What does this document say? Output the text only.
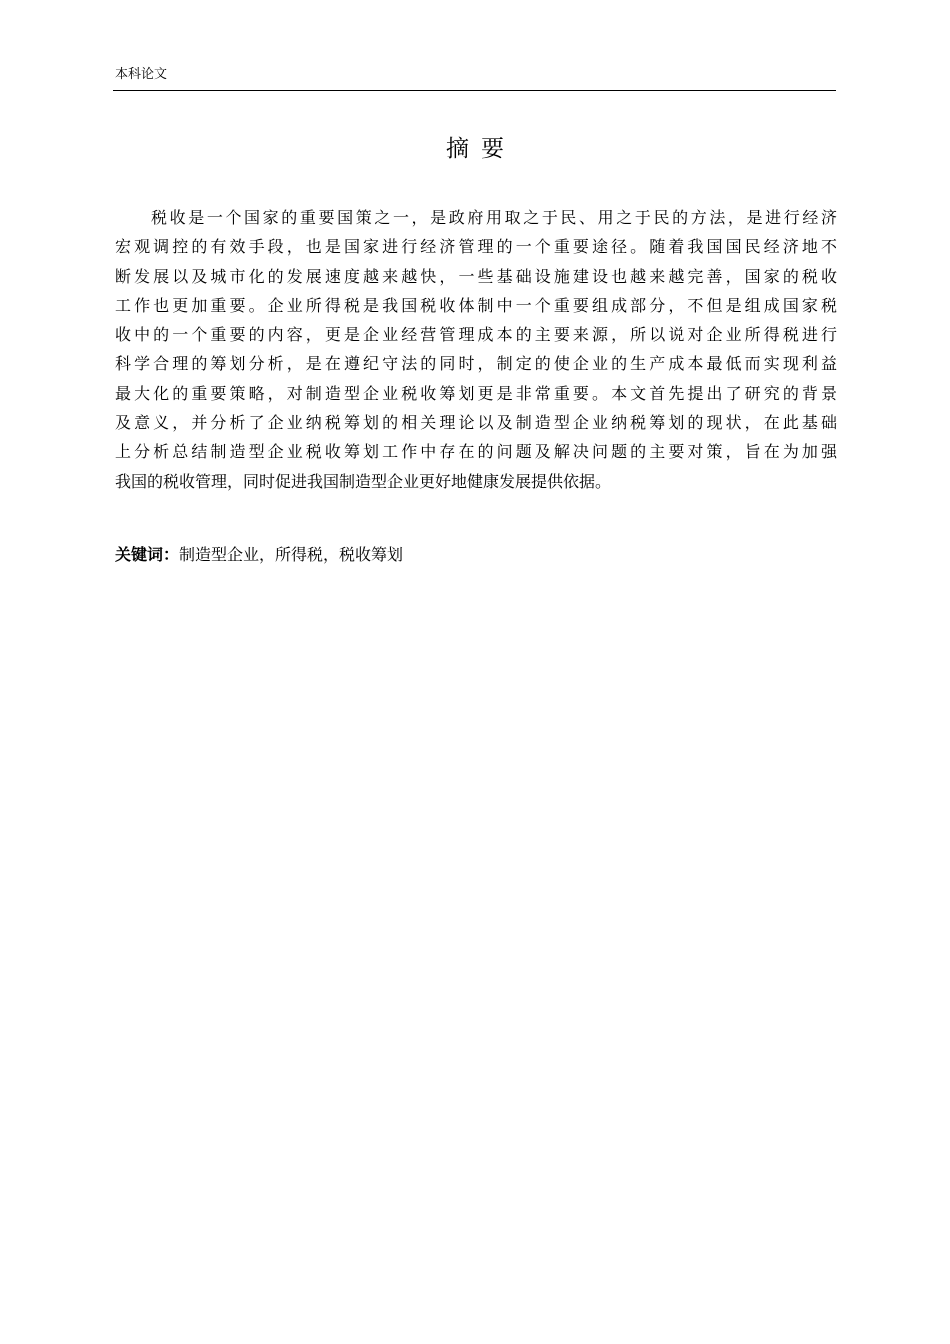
本科论文
摘要
税收是一个国家的重要国策之一，是政府用取之于民、用之于民的方法，是进行经济
宏观调控的有效手段，也是国家进行经济管理的一个重要途径。随着我国国民经济地不
断发展以及城市化的发展速度越来越快，一些基础设施建设也越来越完善，国家的税收
工作也更加重要。企业所得税是我国税收体制中一个重要组成部分，不但是组成国家税
收中的一个重要的内容，更是企业经营管理成本的主要来源，所以说对企业所得税进行
科学合理的筹划分析，是在遵纪守法的同时，制定的使企业的生产成本最低而实现利益
最大化的重要策略，对制造型企业税收筹划更是非常重要。本文首先提出了研究的背景
及意义，并分析了企业纳税筹划的相关理论以及制造型企业纳税筹划的现状，在此基础
上分析总结制造型企业税收筹划工作中存在的问题及解决问题的主要对策，旨在为加强
我国的税收管理，同时促进我国制造型企业更好地健康发展提供依据。
关键词：制造型企业，所得税，税收筹划
